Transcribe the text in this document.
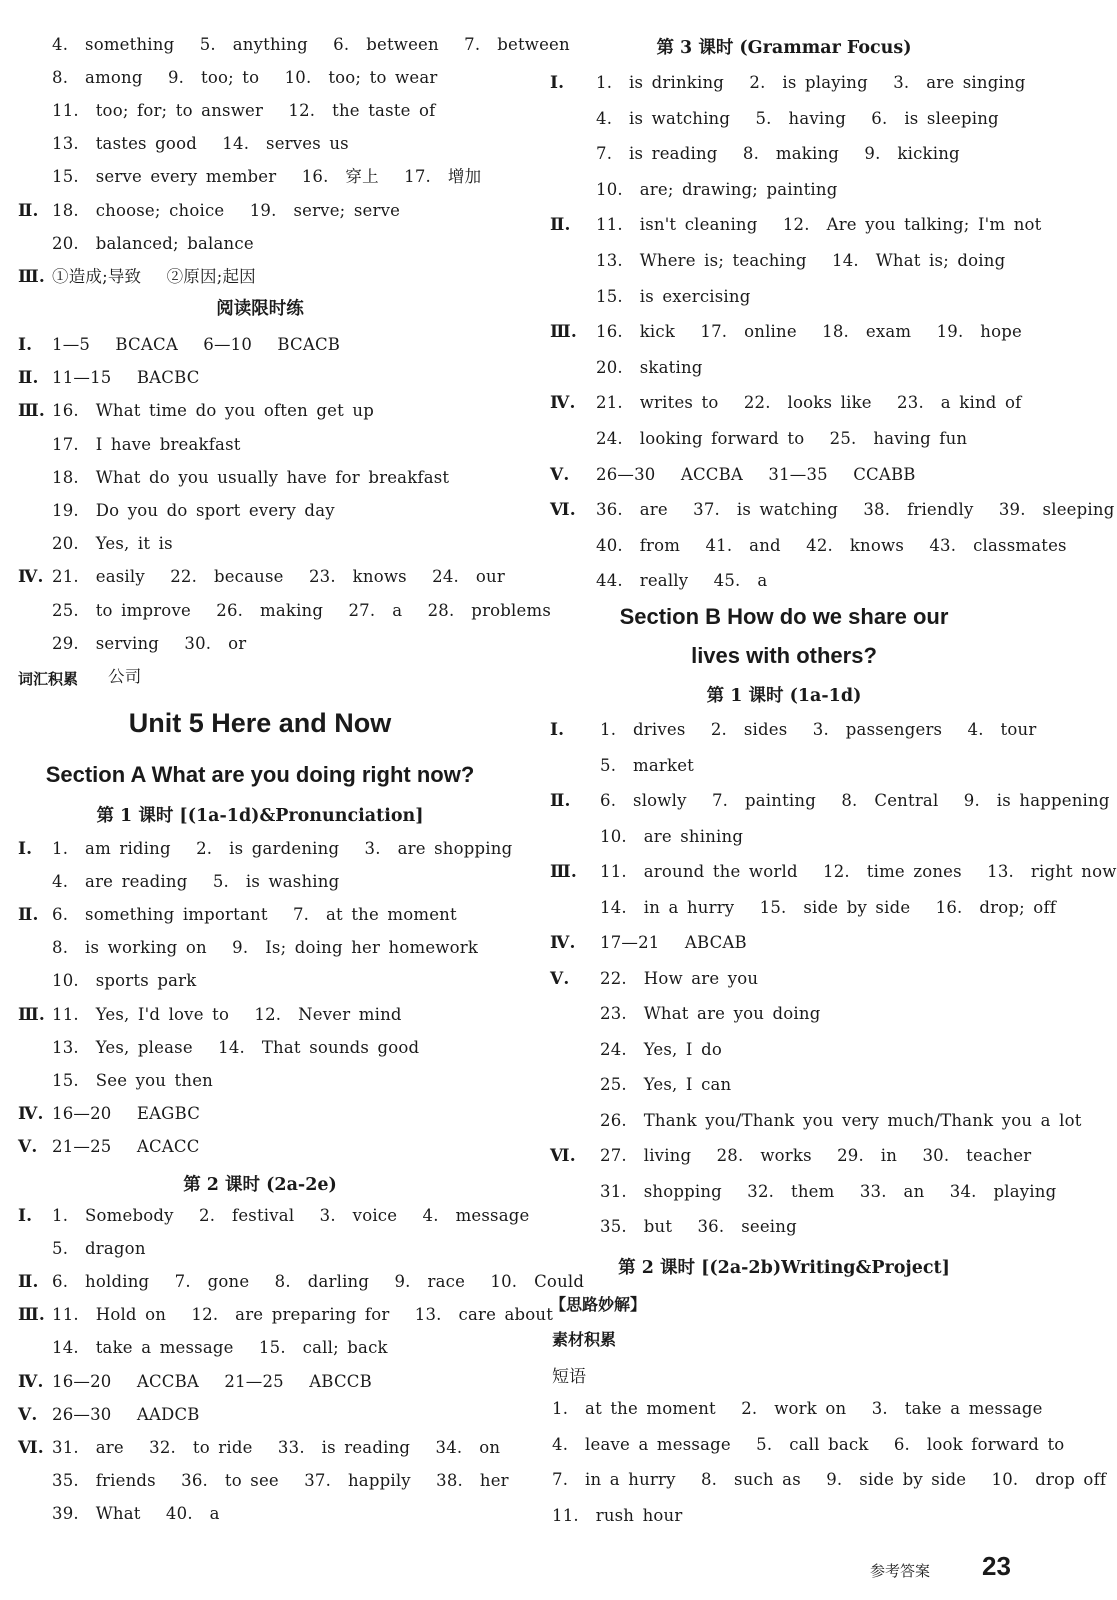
4.  something   5.  anything   6.  between   7.  between
8.  among   9.  too; to   10.  too; to wear
11.  too; for; to answer   12.  the taste of
13.  tastes good   14.  serves us
15.  serve every member   16.  穿上   17.  增加
Ⅱ. 18.  choose; choice   19.  serve; serve
20.  balanced; balance
Ⅲ. ①造成;导致   ②原因;起因
阅读限时练
Ⅰ. 1—5   BCACA   6—10   BCACB
Ⅱ. 11—15   BACBC
Ⅲ. 16.  What time do you often get up
17.  I have breakfast
18.  What do you usually have for breakfast
19.  Do you do sport every day
20.  Yes, it is
Ⅳ. 21.  easily   22.  because   23.  knows   24.  our
25.  to improve   26.  making   27.  a   28.  problems
29.  serving   30.  or
词汇积累 公司
Unit 5 Here and Now
Section A What are you doing right now?
第 1 课时 [(1a-1d)&Pronunciation]
Ⅰ. 1.  am riding   2.  is gardening   3.  are shopping
4.  are reading   5.  is washing
Ⅱ. 6.  something important   7.  at the moment
8.  is working on   9.  Is; doing her homework
10.  sports park
Ⅲ. 11.  Yes, I'd love to   12.  Never mind
13.  Yes, please   14.  That sounds good
15.  See you then
Ⅳ. 16—20   EAGBC
Ⅴ. 21—25   ACACC
第 2 课时 (2a-2e)
Ⅰ. 1.  Somebody   2.  festival   3.  voice   4.  message
5.  dragon
Ⅱ. 6.  holding   7.  gone   8.  darling   9.  race   10.  Could
Ⅲ. 11.  Hold on   12.  are preparing for   13.  care about
14.  take a message   15.  call; back
Ⅳ. 16—20   ACCBA   21—25   ABCCB
Ⅴ. 26—30   AADCB
Ⅵ. 31.  are   32.  to ride   33.  is reading   34.  on
35.  friends   36.  to see   37.  happily   38.  her
39.  What   40.  a
第 3 课时 (Grammar Focus)
Ⅰ. 1.  is drinking   2.  is playing   3.  are singing
4.  is watching   5.  having   6.  is sleeping
7.  is reading   8.  making   9.  kicking
10.  are; drawing; painting
Ⅱ. 11.  isn't cleaning   12.  Are you talking; I'm not
13.  Where is; teaching   14.  What is; doing
15.  is exercising
Ⅲ. 16.  kick   17.  online   18.  exam   19.  hope
20.  skating
Ⅳ. 21.  writes to   22.  looks like   23.  a kind of
24.  looking forward to   25.  having fun
Ⅴ. 26—30   ACCBA   31—35   CCABB
Ⅵ. 36.  are   37.  is watching   38.  friendly   39.  sleeping
40.  from   41.  and   42.  knows   43.  classmates
44.  really   45.  a
Section B How do we share our
lives with others?
第 1 课时 (1a-1d)
Ⅰ. 1.  drives   2.  sides   3.  passengers   4.  tour
5.  market
Ⅱ. 6.  slowly   7.  painting   8.  Central   9.  is happening
10.  are shining
Ⅲ. 11.  around the world   12.  time zones   13.  right now
14.  in a hurry   15.  side by side   16.  drop; off
Ⅳ. 17—21   ABCAB
Ⅴ. 22.  How are you
23.  What are you doing
24.  Yes, I do
25.  Yes, I can
26.  Thank you/Thank you very much/Thank you a lot
Ⅵ. 27.  living   28.  works   29.  in   30.  teacher
31.  shopping   32.  them   33.  an   34.  playing
35.  but   36.  seeing
第 2 课时 [(2a-2b)Writing&Project]
【思路妙解】
素材积累
短语
1.  at the moment   2.  work on   3.  take a message
4.  leave a message   5.  call back   6.  look forward to
7.  in a hurry   8.  such as   9.  side by side   10.  drop off
11.  rush hour
参考答案 23
